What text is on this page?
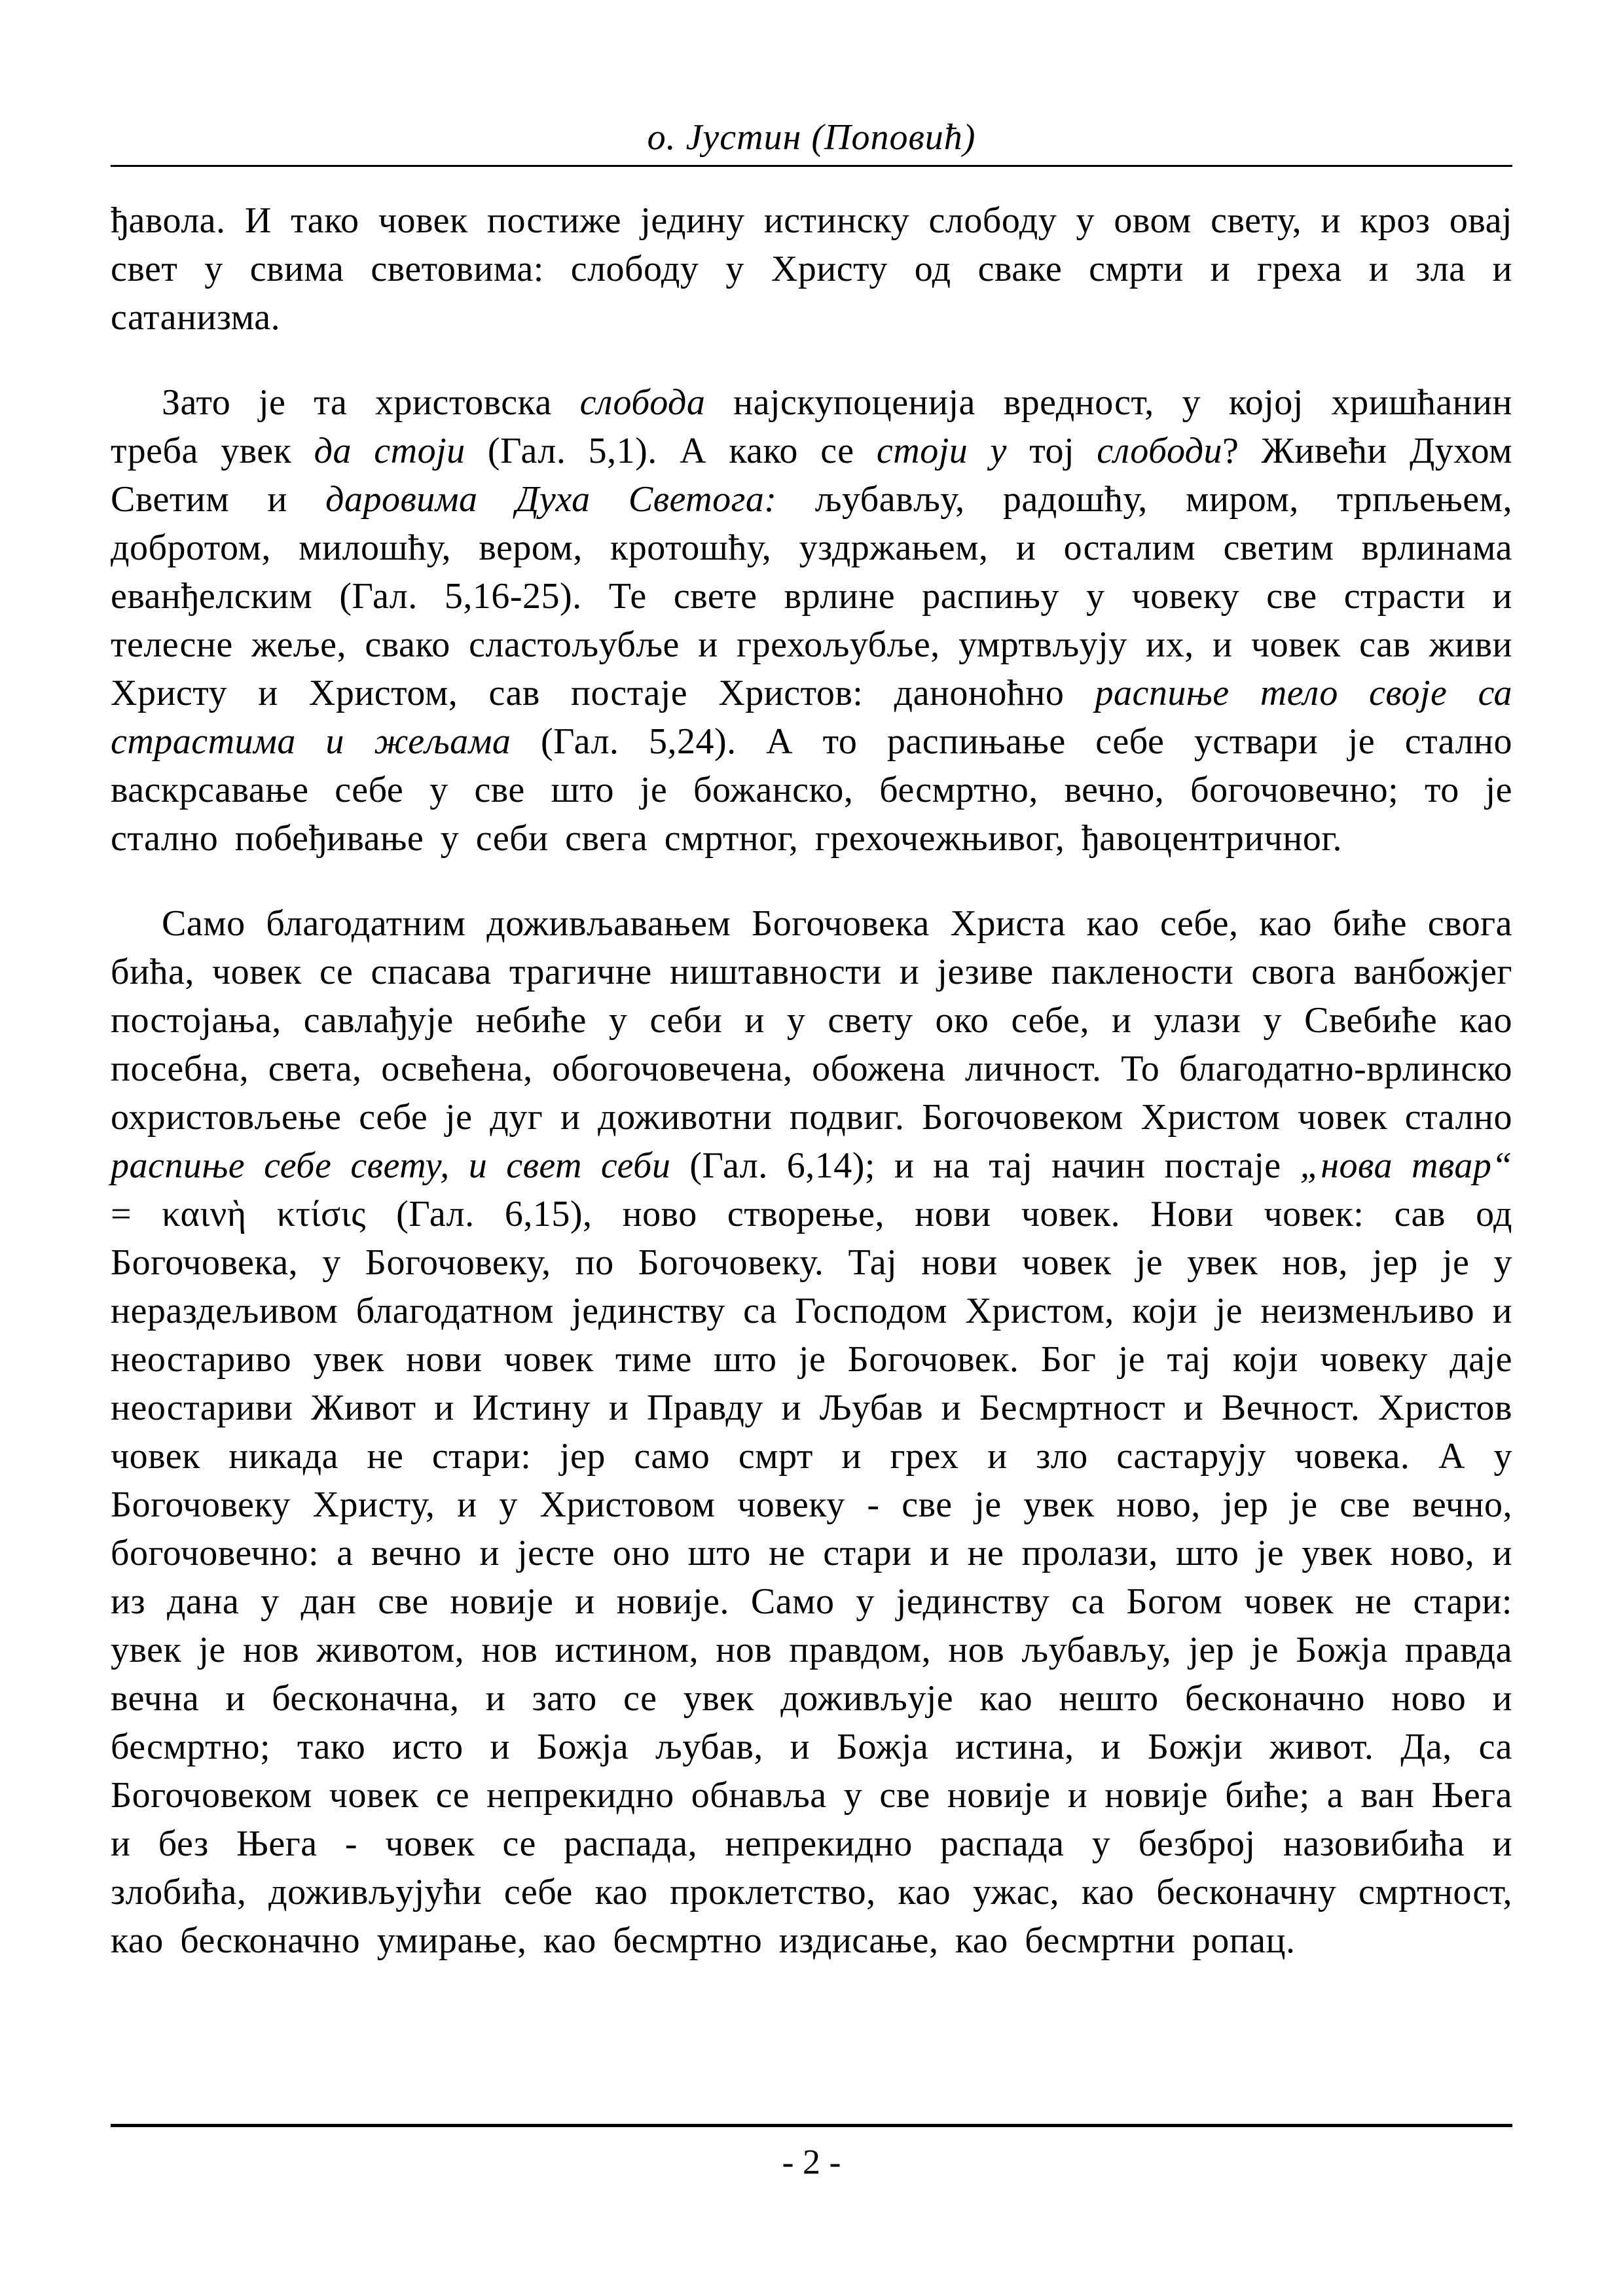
о. Јустин (Поповић)

ђавола. И тако човек постиже једину истинску слободу у овом свету, и кроз овај свет у свима световима: слободу у Христу од сваке смрти и греха и зла и сатанизма.

Зато је та христовска слобода најскупоценија вредност, у којој хришћанин треба увек да стоји (Гал. 5,1). А како се стоји у тој слободи? Живећи Духом Светим и даровима Духа Светога: љубављу, радошћу, миром, трпљењем, добротом, милошћу, вером, кротошћу, уздржањем, и осталим светим врлинама еванђелским (Гал. 5,16-25). Те свете врлине распињу у човеку све страсти и телесне жеље, свако сластољубље и грехољубље, умртвљују их, и човек сав живи Христу и Христом, сав постаје Христов: даноноћно распиње тело своје са страстима и жељама (Гал. 5,24). А то распињање себе уствари је стално васкрсавање себе у све што је божанско, бесмртно, вечно, богочовечно; то је стално побеђивање у себи свега смртног, грехочежњивог, ђавоцентричног.

Само благодатним доживљавањем Богочовека Христа као себе, као биће свога бића, човек се спасава трагичне ништавности и језиве паклености свога ванбожјег постојања, савлађује небиће у себи и у свету око себе, и улази у Свебиће као посебна, света, освећена, обогочовечена, обожена личност. То благодатно-врлинско охристовљење себе је дуг и доживотни подвиг. Богочовеком Христом човек стално распиње себе свету, и свет себи (Гал. 6,14); и на тај начин постаје „нова твар“ = καινὴ κτίσις (Гал. 6,15), ново створење, нови човек. Нови човек: сав од Богочовека, у Богочовеку, по Богочовеку. Тај нови човек је увек нов, јер је у нераздељивом благодатном јединству са Господом Христом, који је неизменљиво и неостариво увек нови човек тиме што је Богочовек. Бог је тај који човеку даје неостариви Живот и Истину и Правду и Љубав и Бесмртност и Вечност. Христов човек никада не стари: јер само смрт и грех и зло састарују човека. А у Богочовеку Христу, и у Христовом човеку - све је увек ново, јер је све вечно, богочовечно: а вечно и јесте оно што не стари и не пролази, што је увек ново, и из дана у дан све новије и новије. Само у јединству са Богом човек не стари: увек је нов животом, нов истином, нов правдом, нов љубављу, јер је Божја правда вечна и бесконачна, и зато се увек доживљује као нешто бесконачно ново и бесмртно; тако исто и Божја љубав, и Божја истина, и Божји живот. Да, са Богочовеком човек се непрекидно обнавља у све новије и новије биће; а ван Њега и без Њега - човек се распада, непрекидно распада у безброј назовибића и злобића, доживљујући себе као проклетство, као ужас, као бесконачну смртност, као бесконачно умирање, као бесмртно издисање, као бесмртни ропац.

- 2 -
